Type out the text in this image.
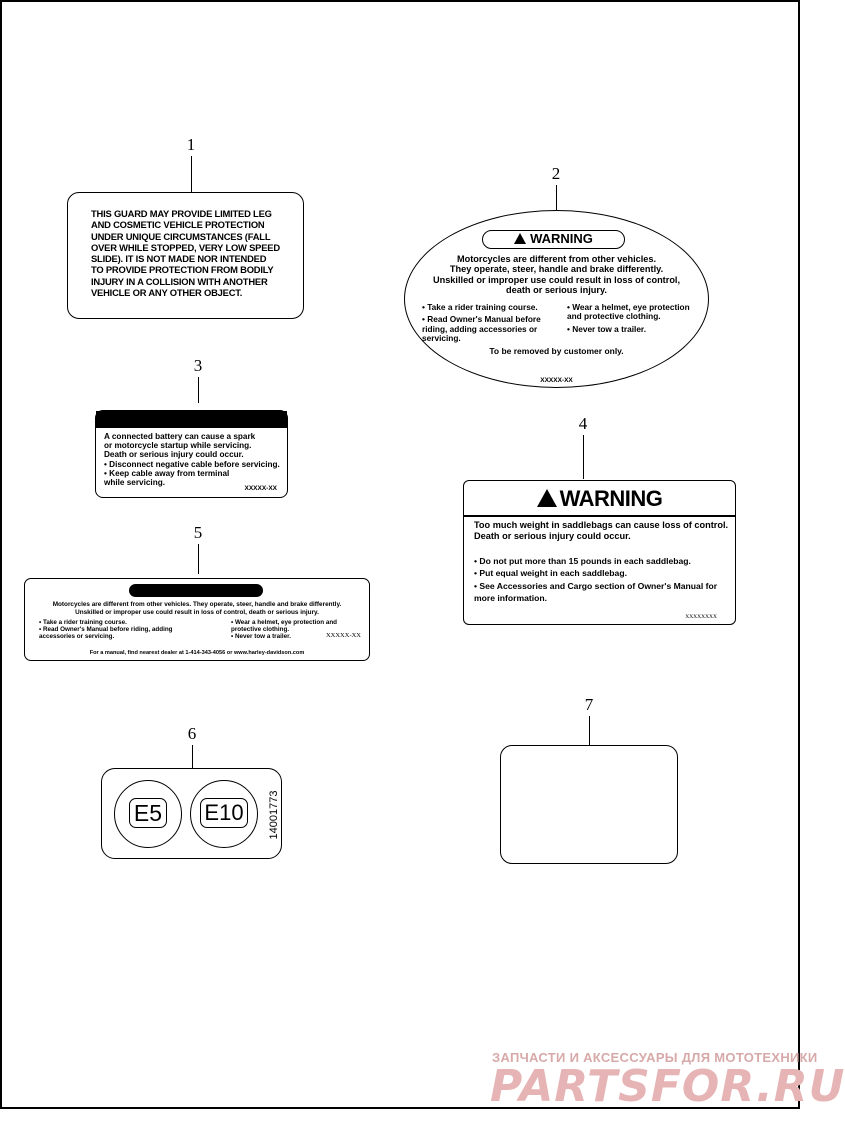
1
THIS GUARD MAY PROVIDE LIMITED LEG
AND COSMETIC VEHICLE PROTECTION
UNDER UNIQUE CIRCUMSTANCES (FALL
OVER WHILE STOPPED, VERY LOW SPEED
SLIDE). IT IS NOT MADE NOR INTENDED
TO PROVIDE PROTECTION FROM BODILY
INJURY IN A COLLISION WITH ANOTHER
VEHICLE OR ANY OTHER OBJECT.
2
WARNING
Motorcycles are different from other vehicles.
They operate, steer, handle and brake differently.
Unskilled or improper use could result in loss of control,
death or serious injury.
• Take a rider training course.
• Read Owner's Manual before riding, adding accessories or servicing.
• Wear a helmet, eye protection and protective clothing.
• Never tow a trailer.
To be removed by customer only.
XXXXX-XX
3
A connected battery can cause a spark
or motorcycle startup while servicing.
Death or serious injury could occur.
• Disconnect negative cable before servicing.
• Keep cable away from terminal while servicing.
XXXXX-XX
4
WARNING
Too much weight in saddlebags can cause loss of control. Death or serious injury could occur.
• Do not put more than 15 pounds in each saddlebag.
• Put equal weight in each saddlebag.
• See Accessories and Cargo section of Owner's Manual for more information.
XXXXXXXX
5
Motorcycles are different from other vehicles. They operate, steer, handle and brake differently.
Unskilled or improper use could result in loss of control, death or serious injury.
• Take a rider training course.
• Read Owner's Manual before riding, adding accessories or servicing.
• Wear a helmet, eye protection and protective clothing.
• Never tow a trailer.	XXXXX-XX
For a manual, find nearest dealer at 1-414-343-4056 or www.harley-davidson.com
6
E5	E10	14001773
7
ЗАПЧАСТИ И АКСЕССУАРЫ ДЛЯ МОТОТЕХНИКИ
PARTSFOR.RU
